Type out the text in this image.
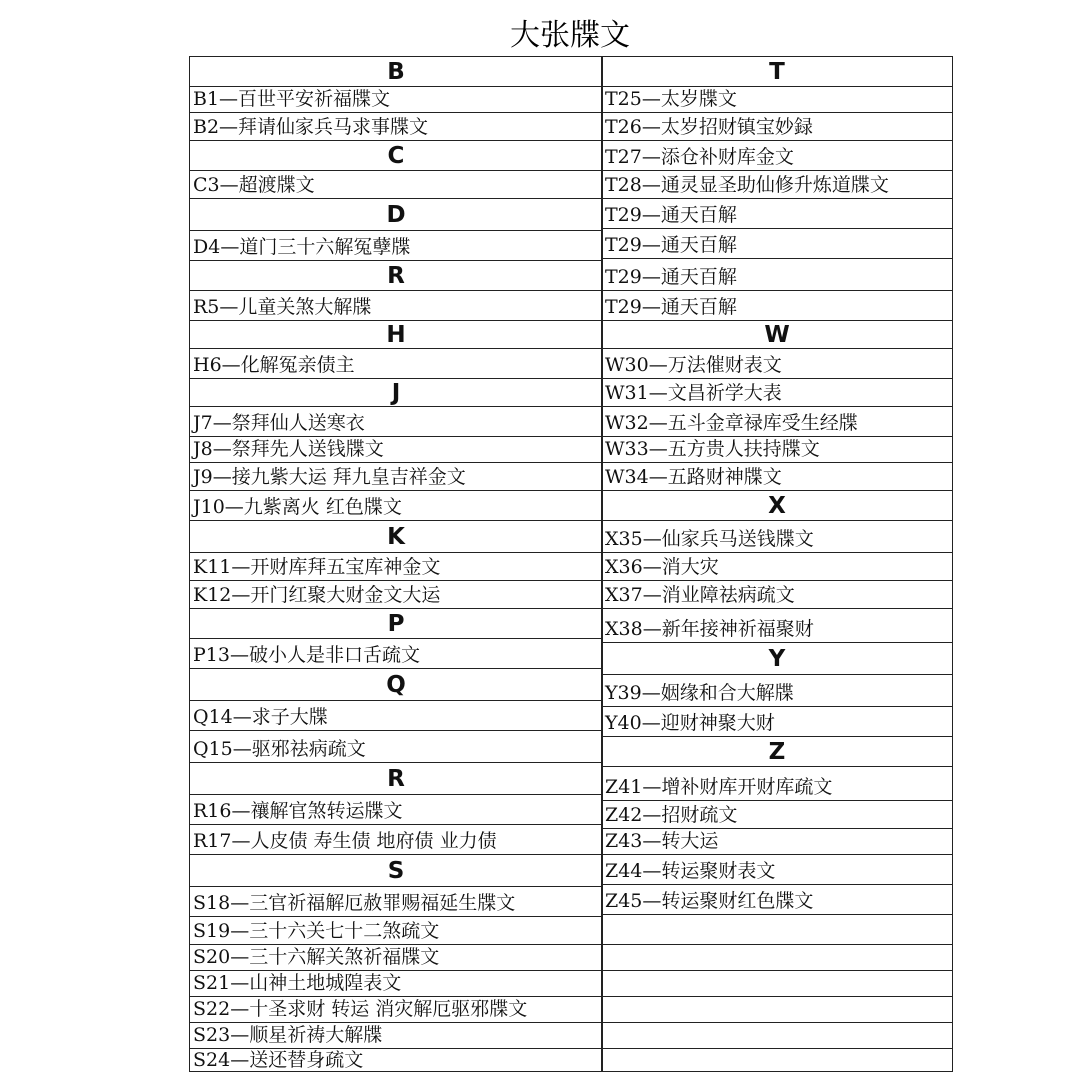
大张牒文
B
B1—百世平安祈福牒文
B2—拜请仙家兵马求事牒文
C
C3—超渡牒文
D
D4—道门三十六解冤孽牒
R
R5—儿童关煞大解牒
H
H6—化解冤亲债主
J
J7—祭拜仙人送寒衣
J8—祭拜先人送钱牒文
J9—接九紫大运 拜九皇吉祥金文
J10—九紫离火 红色牒文
K
K11—开财库拜五宝库神金文
K12—开门红聚大财金文大运
P
P13—破小人是非口舌疏文
Q
Q14—求子大牒
Q15—驱邪祛病疏文
R
R16—禳解官煞转运牒文
R17—人皮债 寿生债 地府债 业力债
S
S18—三官祈福解厄赦罪赐福延生牒文
S19—三十六关七十二煞疏文
S20—三十六解关煞祈福牒文
S21—山神土地城隍表文
S22—十圣求财 转运 消灾解厄驱邪牒文
S23—顺星祈祷大解牒
S24—送还替身疏文
T
T25—太岁牒文
T26—太岁招财镇宝妙録
T27—添仓补财库金文
T28—通灵显圣助仙修升炼道牒文
T29—通天百解
T29—通天百解
T29—通天百解
T29—通天百解
W
W30—万法催财表文
W31—文昌祈学大表
W32—五斗金章禄库受生经牒
W33—五方贵人扶持牒文
W34—五路财神牒文
X
X35—仙家兵马送钱牒文
X36—消大灾
X37—消业障祛病疏文
X38—新年接神祈福聚财
Y
Y39—姻缘和合大解牒
Y40—迎财神聚大财
Z
Z41—增补财库开财库疏文
Z42—招财疏文
Z43—转大运
Z44—转运聚财表文
Z45—转运聚财红色牒文
